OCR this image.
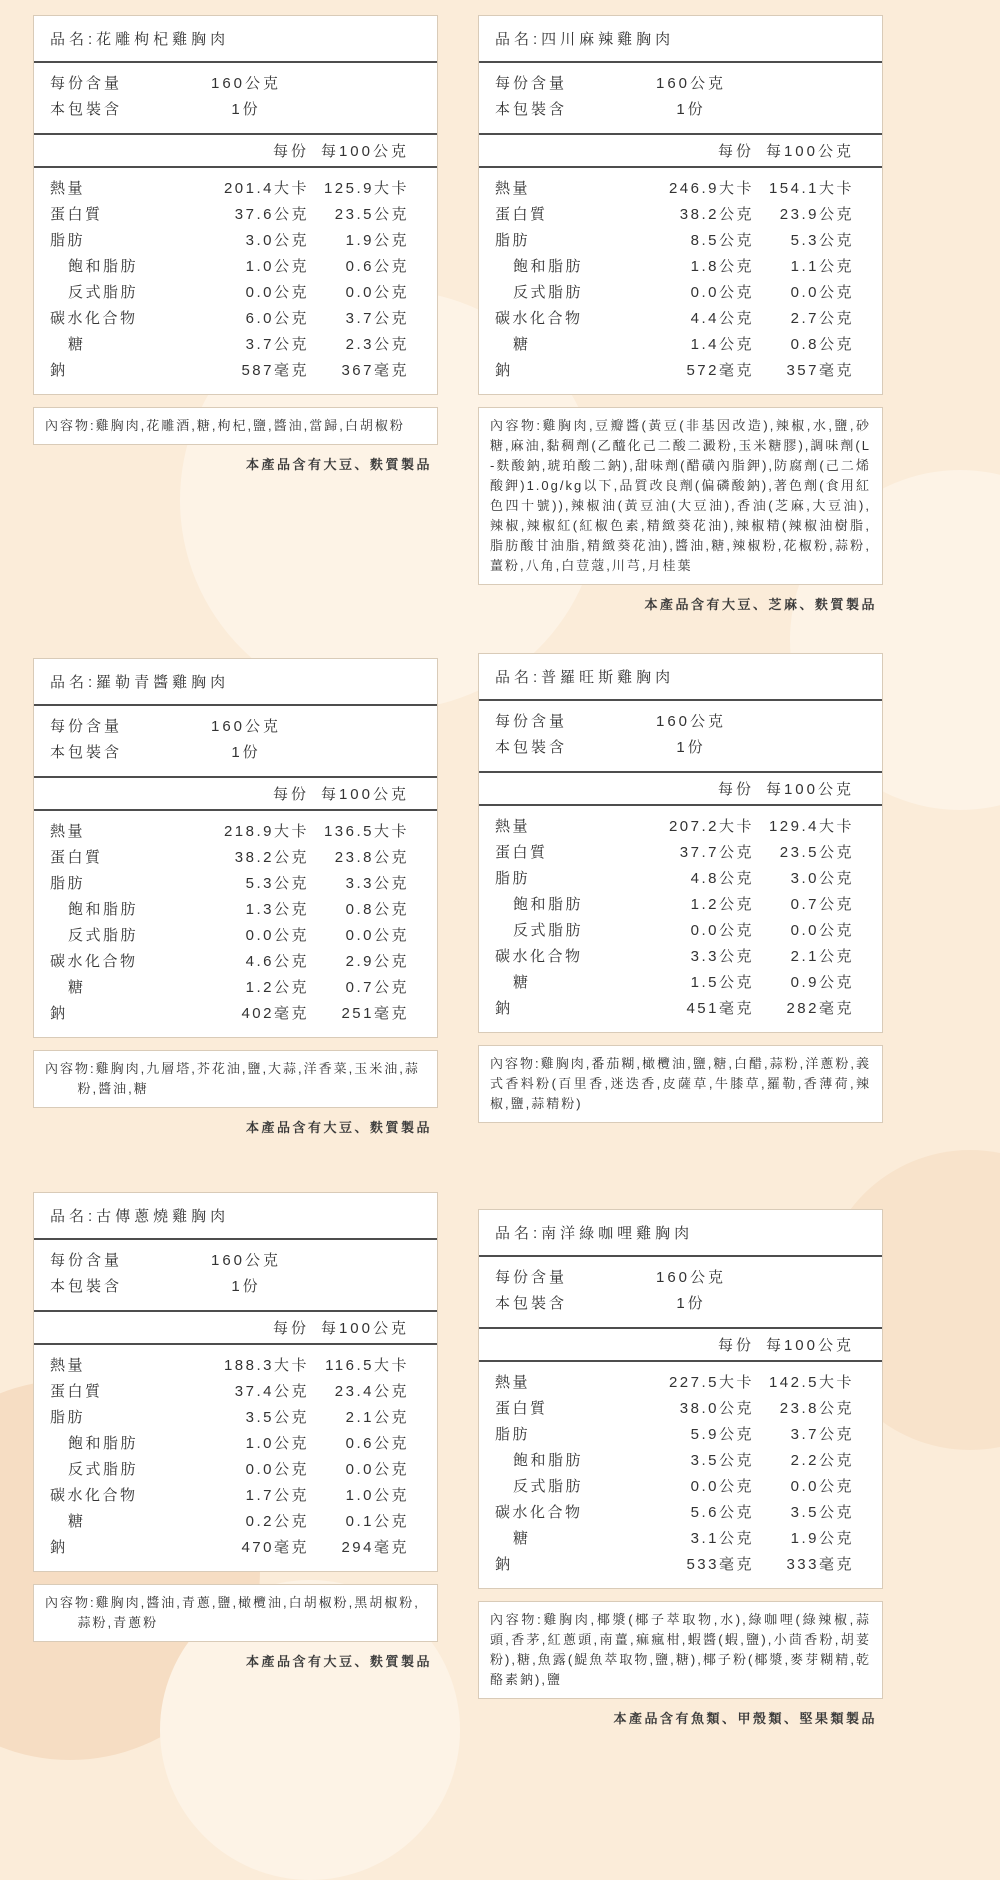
品名:花雕枸杞雞胸肉
每份含量	160公克
本包裝含	1份
每份 每100公克
熱量	201.4大卡 125.9大卡
蛋白質	37.6公克	23.5公克
脂肪	3.0公克	1.9公克
飽和脂肪	1.0公克	0.6公克
反式脂肪	0.0公克	0.0公克
碳水化合物	6.0公克	3.7公克
糖	3.7公克	2.3公克
鈉	587毫克	367毫克
內容物:雞胸肉,花雕酒,糖,枸杞,鹽,醬油,當歸,白胡椒粉
本產品含有大豆、麩質製品
品名:羅勒青醬雞胸肉
每份含量	160公克
本包裝含	1份
每份 每100公克
熱量	218.9大卡 136.5大卡
蛋白質	38.2公克	23.8公克
脂肪	5.3公克	3.3公克
飽和脂肪	1.3公克	0.8公克
反式脂肪	0.0公克	0.0公克
碳水化合物	4.6公克	2.9公克
糖	1.2公克	0.7公克
鈉	402毫克	251毫克
內容物:雞胸肉,九層塔,芥花油,鹽,大蒜,洋香菜,玉米油,蒜粉,醬油,糖
本產品含有大豆、麩質製品
品名:古傳蔥燒雞胸肉
每份含量	160公克
本包裝含	1份
每份 每100公克
熱量	188.3大卡	116.5大卡
蛋白質	37.4公克	23.4公克
脂肪	3.5公克	2.1公克
飽和脂肪	1.0公克	0.6公克
反式脂肪	0.0公克	0.0公克
碳水化合物	1.7公克	1.0公克
糖	0.2公克	0.1公克
鈉	470毫克	294毫克
內容物:雞胸肉,醬油,青蔥,鹽,橄欖油,白胡椒粉,黑胡椒粉,蒜粉,青蔥粉
本產品含有大豆、麩質製品
品名:四川麻辣雞胸肉
每份含量	160公克
本包裝含	1份
每份 每100公克
熱量	246.9大卡 154.1大卡
蛋白質	38.2公克	23.9公克
脂肪	8.5公克	5.3公克
飽和脂肪	1.8公克	1.1公克
反式脂肪	0.0公克	0.0公克
碳水化合物	4.4公克	2.7公克
糖	1.4公克	0.8公克
鈉	572毫克	357毫克
內容物:雞胸肉,豆瓣醬(黃豆(非基因改造),辣椒,水,鹽,砂糖,麻油,黏稠劑(乙醯化己二酸二澱粉,玉米糖膠),調味劑(L-麩酸鈉,琥珀酸二鈉),甜味劑(醋磺內脂鉀),防腐劑(己二烯酸鉀)1.0g/kg以下,品質改良劑(偏磷酸鈉),著色劑(食用紅色四十號)),辣椒油(黃豆油(大豆油),香油(芝麻,大豆油),辣椒,辣椒紅(紅椒色素,精緻葵花油),辣椒精(辣椒油樹脂,脂肪酸甘油脂,精緻葵花油),醬油,糖,辣椒粉,花椒粉,蒜粉,薑粉,八角,白荳蔻,川芎,月桂葉
本產品含有大豆、芝麻、麩質製品
品名:普羅旺斯雞胸肉
每份含量	160公克
本包裝含	1份
每份 每100公克
熱量	207.2大卡 129.4大卡
蛋白質	37.7公克	23.5公克
脂肪	4.8公克	3.0公克
飽和脂肪	1.2公克	0.7公克
反式脂肪	0.0公克	0.0公克
碳水化合物	3.3公克	2.1公克
糖	1.5公克	0.9公克
鈉	451毫克	282毫克
內容物:雞胸肉,番茄糊,橄欖油,鹽,糖,白醋,蒜粉,洋蔥粉,義式香料粉(百里香,迷迭香,皮薩草,牛膝草,羅勒,香薄荷,辣椒,鹽,蒜精粉)
品名:南洋綠咖哩雞胸肉
每份含量	160公克
本包裝含	1份
每份 每100公克
熱量	227.5大卡 142.5大卡
蛋白質	38.0公克	23.8公克
脂肪	5.9公克	3.7公克
飽和脂肪	3.5公克	2.2公克
反式脂肪	0.0公克	0.0公克
碳水化合物	5.6公克	3.5公克
糖	3.1公克	1.9公克
鈉	533毫克	333毫克
內容物:雞胸肉,椰漿(椰子萃取物,水),綠咖哩(綠辣椒,蒜頭,香茅,紅蔥頭,南薑,痲瘋柑,蝦醬(蝦,鹽),小茴香粉,胡荽粉),糖,魚露(鯷魚萃取物,鹽,糖),椰子粉(椰漿,麥芽糊精,乾酪素鈉),鹽
本產品含有魚類、甲殼類、堅果類製品
